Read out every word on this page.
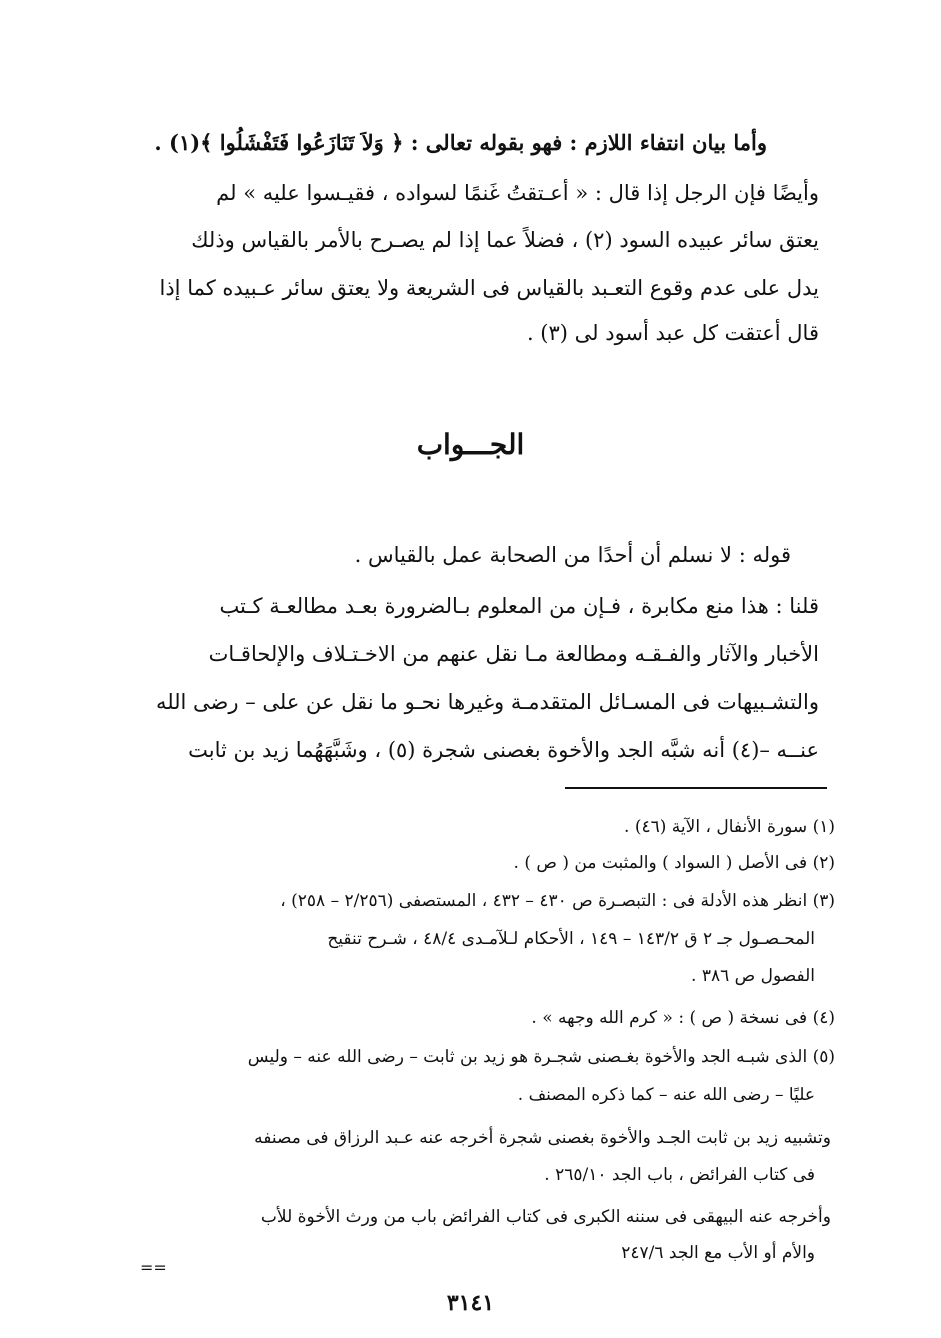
وأما بيان انتفاء اللازم : فهو بقوله تعالى : ﴿ وَلاَ تَنَازَعُوا فَتَفْشَلُوا ﴾(١) .
وأيضًا فإن الرجل إذا قال : « أعـتقتُ غَنمًا لسواده ، فقيـسوا عليه » لم
يعتق سائر عبيده السود (٢) ، فضلاً عما إذا لم يصـرح بالأمر بالقياس وذلك
يدل على عدم وقوع التعـبد بالقياس فى الشريعة ولا يعتق سائر عـبيده كما إذا
قال أعتقت كل عبد أسود لى (٣) .
الجـــواب
قوله : لا نسلم أن أحدًا من الصحابة عمل بالقياس .
قلنا : هذا منع مكابرة ، فـإن من المعلوم بـالضرورة بعـد مطالعـة كـتب
الأخبار والآثار والفـقـه ومطالعة مـا نقل عنهم من الاخـتـلاف والإلحاقـات
والتشـبيهات فى المسـائل المتقدمـة وغيرها نحـو ما نقل عن على – رضى الله
عنــه –(٤) أنه شبَّه الجد والأخوة بغصنى شجرة (٥) ، وشَبَّهَهُما زيد بن ثابت
(١) سورة الأنفال ، الآية (٤٦) .
(٢) فى الأصل ( السواد ) والمثبت من ( ص ) .
(٣) انظر هذه الأدلة فى : التبصـرة ص ٤٣٠ – ٤٣٢ ، المستصفى (٢/٢٥٦ – ٢٥٨) ،
المحـصـول جـ ٢ ق ١٤٣/٢ – ١٤٩ ، الأحكام لـلآمـدى ٤٨/٤ ، شـرح تنقيح
الفصول ص ٣٨٦ .
(٤) فى نسخة ( ص ) : « كرم الله وجهه » .
(٥) الذى شبـه الجد والأخوة بغـصنى شجـرة هو زيد بن ثابت – رضى الله عنه – وليس
عليًا – رضى الله عنه – كما ذكره المصنف .
وتشبيه زيد بن ثابت الجـد والأخوة بغصنى شجرة أخرجه عنه عـبد الرزاق فى مصنفه
فى كتاب الفرائض ، باب الجد ٢٦٥/١٠ .
وأخرجه عنه البيهقى فى سننه الكبرى فى كتاب الفرائض باب من ورث الأخوة للأب
والأم أو الأب مع الجد ٢٤٧/٦
==
٣١٤١
